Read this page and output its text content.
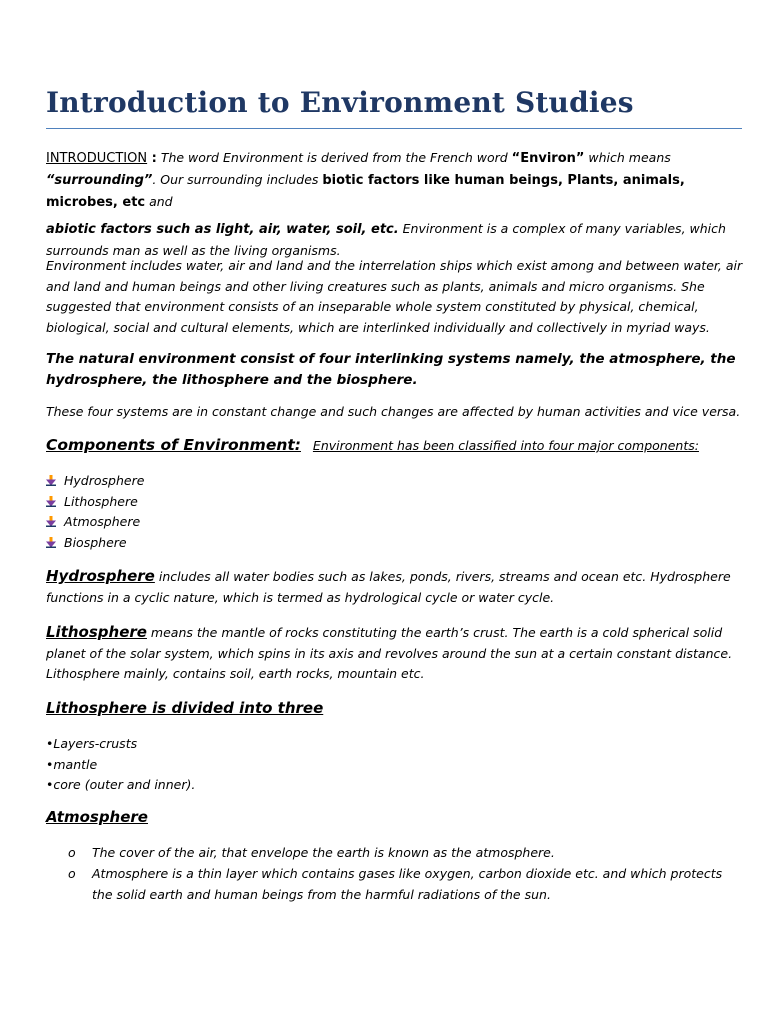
Introduction to Environment Studies
INTRODUCTION : The word Environment is derived from the French word “Environ” which means
“surrounding”. Our surrounding includes biotic factors like human beings, Plants, animals, microbes, etc and
abiotic factors such as light, air, water, soil, etc. Environment is a complex of many variables, which surrounds man as well as the living organisms.
Environment includes water, air and land and the interrelation ships which exist among and between water, air and land and human beings and other living creatures such as plants, animals and micro organisms. She suggested that environment consists of an inseparable whole system constituted by physical, chemical, biological, social and cultural elements, which are interlinked individually and collectively in myriad ways.
The natural environment consist of four interlinking systems namely, the atmosphere, the hydrosphere, the lithosphere and the biosphere.
These four systems are in constant change and such changes are affected by human activities and vice versa.
Components of Environment: Environment has been classified into four major components:
Hydrosphere
Lithosphere
Atmosphere
Biosphere
Hydrosphere includes all water bodies such as lakes, ponds, rivers, streams and ocean etc. Hydrosphere functions in a cyclic nature, which is termed as hydrological cycle or water cycle.
Lithosphere means the mantle of rocks constituting the earth’s crust. The earth is a cold spherical solid planet of the solar system, which spins in its axis and revolves around the sun at a certain constant distance. Lithosphere mainly, contains soil, earth rocks, mountain etc.
Lithosphere is divided into three
•Layers-crusts
•mantle
•core (outer and inner).
Atmosphere
o The cover of the air, that envelope the earth is known as the atmosphere.
o Atmosphere is a thin layer which contains gases like oxygen, carbon dioxide etc. and which protects the solid earth and human beings from the harmful radiations of the sun.
